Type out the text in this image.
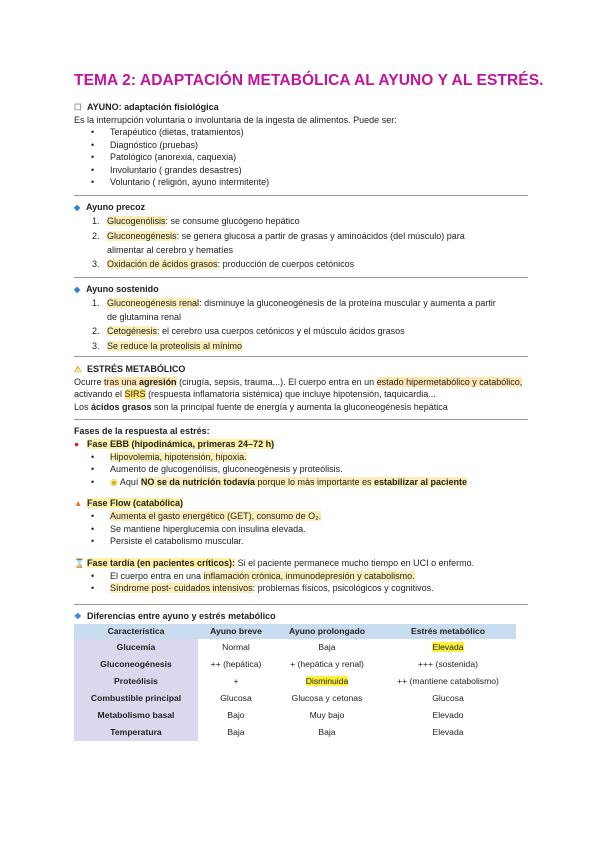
TEMA 2: ADAPTACIÓN METABÓLICA AL AYUNO Y AL ESTRÉS.
☐ AYUNO: adaptación fisiológica
Es la interrupción voluntaria o involuntaria de la ingesta de alimentos. Puede ser:
• Terapéutico (dietas, tratamientos)
• Diagnóstico (pruebas)
• Patológico (anorexia, caquexia)
• Involuntario ( grandes desastres)
• Voluntario ( religión, ayuno intermitente)
◆ Ayuno precoz
1. Glucogenólisis: se consume glucógeno hepático
2. Gluconeogénesis: se genera glucosa a partir de grasas y aminoácidos (del músculo) para
alimentar al cerebro y hematíes
3. Oxidación de ácidos grasos: producción de cuerpos cetónicos
◆ Ayuno sostenido
1. Gluconeogénesis renal: disminuye la gluconeogénesis de la proteína muscular y aumenta a partir
de glutamina renal
2. Cetogénesis: el cerebro usa cuerpos cetónicos y el músculo ácidos grasos
3. Se reduce la proteolisis al mínimo
⚠ ESTRÉS METABÓLICO
Ocurre tras una agresión (cirugía, sepsis, trauma...). El cuerpo entra en un estado hipermetabólico y catabólico,
activando el SIRS (respuesta inflamatoria sistémica) que incluye hipotensión, taquicardia...
Los ácidos grasos son la principal fuente de energía y aumenta la gluconeogénesis hepática
Fases de la respuesta al estrés:
● Fase EBB (hipodinámica, primeras 24–72 h)
• Hipovolemia, hipotensión, hipoxia.
• Aumento de glucogenólisis, gluconeogénesis y proteólisis.
• ◉ Aquí NO se da nutrición todavía porque lo más importante es estabilizar al paciente
▲ Fase Flow (catabólica)
• Aumenta el gasto energético (GET), consumo de O₂.
• Se mantiene hiperglucemia con insulina elevada.
• Persiste el catabolismo muscular.
⌛ Fase tardía (en pacientes críticos): Si el paciente permanece mucho tiempo en UCI o enfermo.
• El cuerpo entra en una inflamación crónica, inmunodepresión y catabolismo.
• Síndrome post- cuidados intensivos: problemas físicos, psicológicos y cognitivos.
❖ Diferencias entre ayuno y estrés metabólico
Característica	Ayuno breve	Ayuno prolongado	Estrés metabólico
Glucemia	Normal	Baja	Elevada
Gluconeogénesis	++ (hepática)	+ (hepática y renal)	+++ (sostenida)
Proteólisis	+	Disminuida	++ (mantiene catabolismo)
Combustible principal	Glucosa	Glucosa y cetonas	Glucosa
Metabolismo basal	Bajo	Muy bajo	Elevado
Temperatura	Baja	Baja	Elevada
